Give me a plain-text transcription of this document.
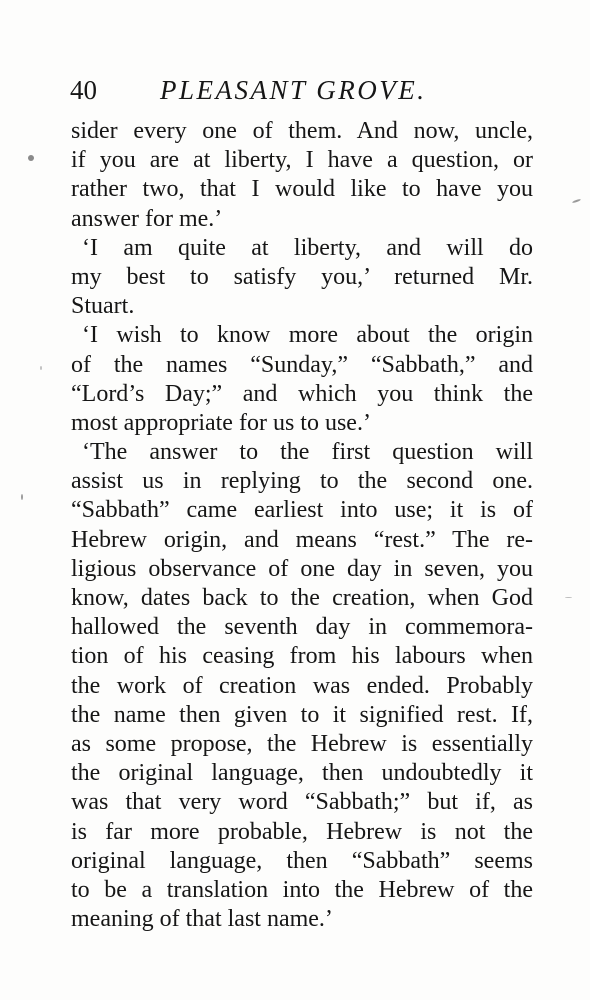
40 PLEASANT GROVE.
sider every one of them. And now, uncle,
if you are at liberty, I have a question, or
rather two, that I would like to have you
answer for me.’
‘I am quite at liberty, and will do
my best to satisfy you,’ returned Mr.
Stuart.
‘I wish to know more about the origin
of the names “Sunday,” “Sabbath,” and
“Lord’s Day;” and which you think the
most appropriate for us to use.’
‘The answer to the first question will
assist us in replying to the second one.
“Sabbath” came earliest into use; it is of
Hebrew origin, and means “rest.” The re-
ligious observance of one day in seven, you
know, dates back to the creation, when God
hallowed the seventh day in commemora-
tion of his ceasing from his labours when
the work of creation was ended. Probably
the name then given to it signified rest. If,
as some propose, the Hebrew is essentially
the original language, then undoubtedly it
was that very word “Sabbath;” but if, as
is far more probable, Hebrew is not the
original language, then “Sabbath” seems
to be a translation into the Hebrew of the
meaning of that last name.’
